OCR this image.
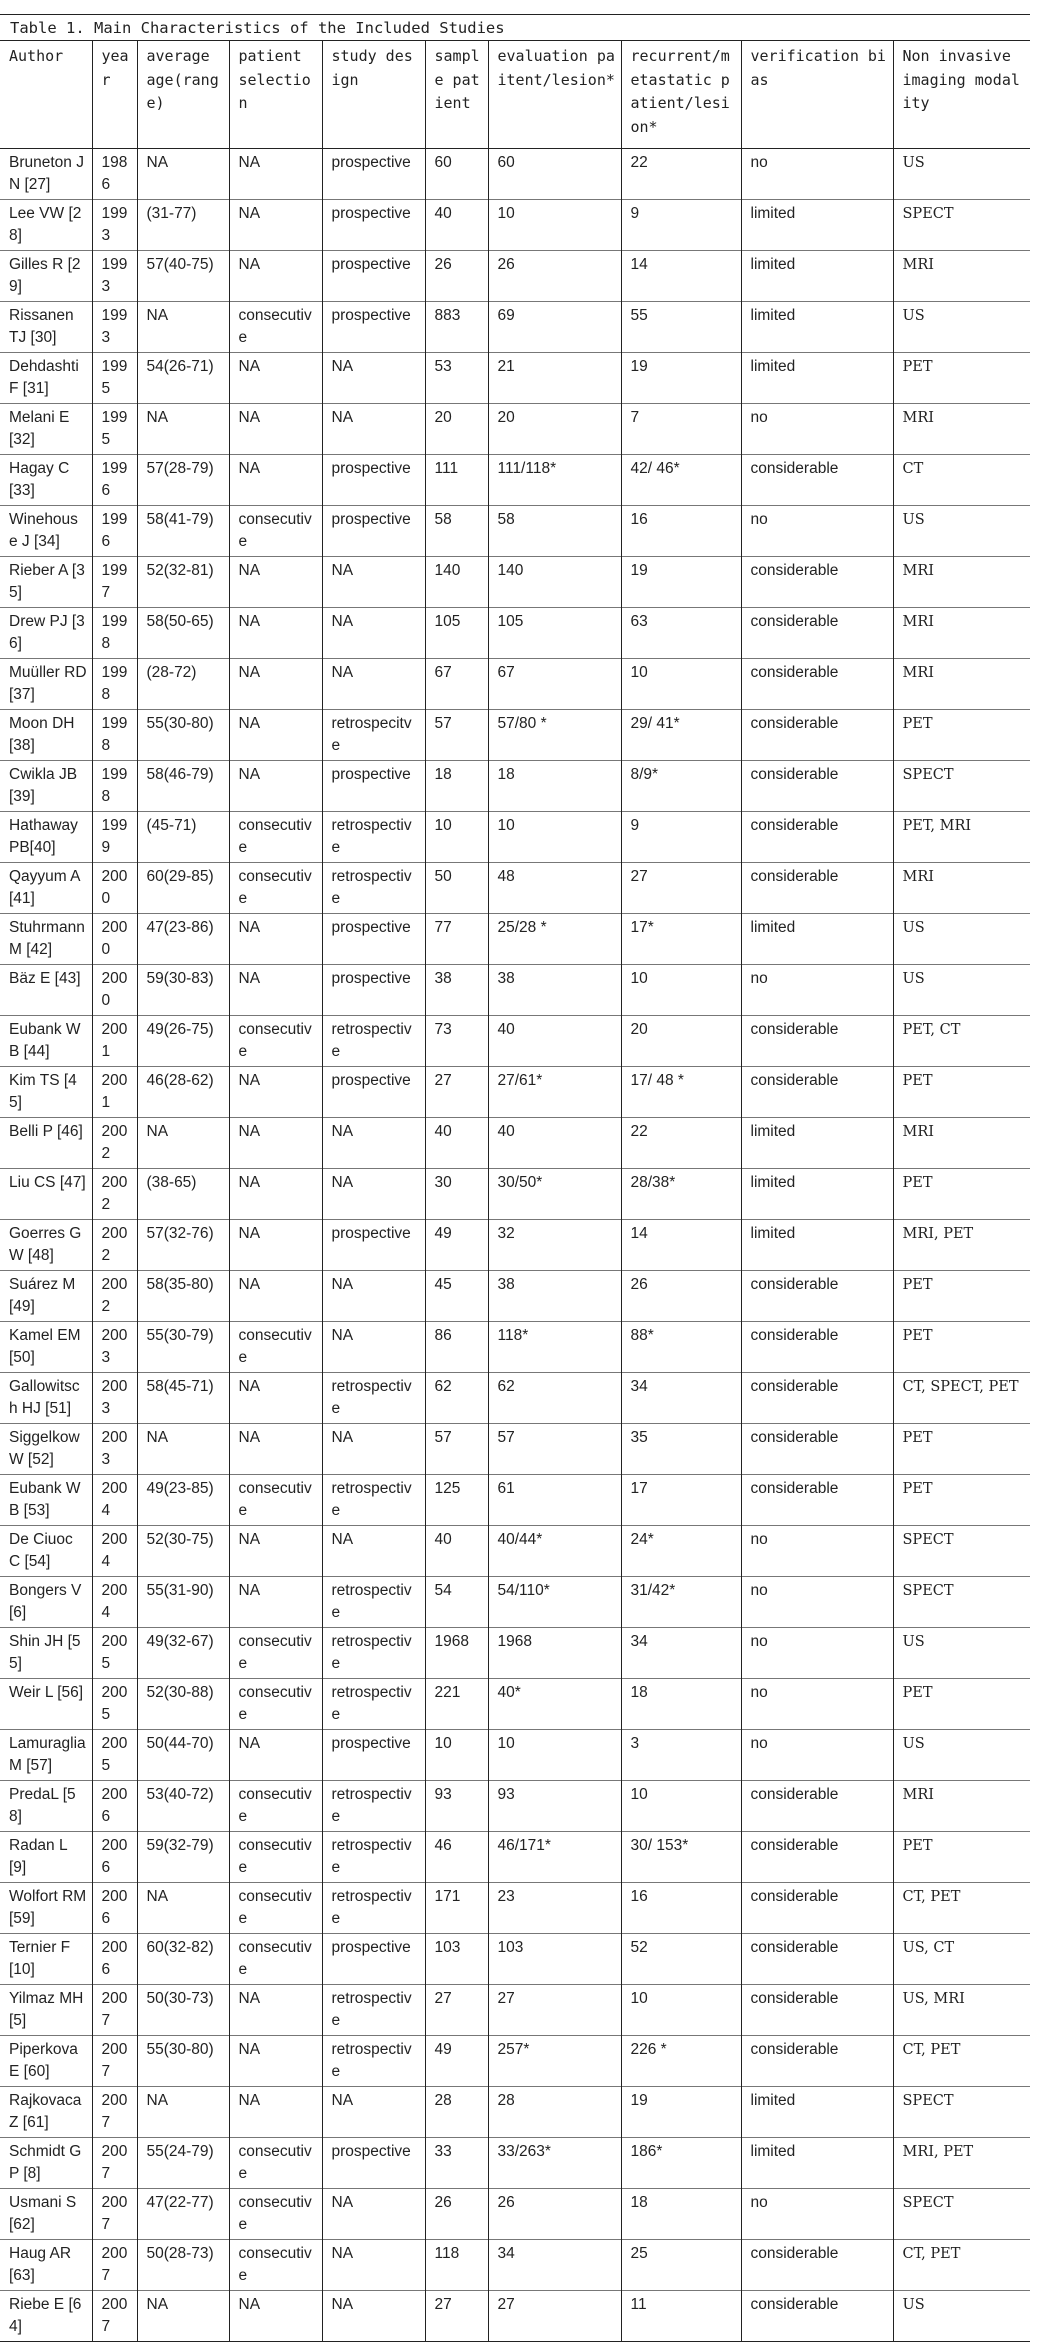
Table 1. Main Characteristics of the Included Studies
Author	year	average age(range)	patient selection	study design	sample patient	evaluation paitent/lesion*	recurrent/metastatic patient/lesion*	verification bias	Non invasive imaging modality
Bruneton JN [27]	1986	NA	NA	prospective	60	60	22	no	US
Lee VW [28]	1993	(31-77)	NA	prospective	40	10	9	limited	SPECT
Gilles R [29]	1993	57(40-75)	NA	prospective	26	26	14	limited	MRI
Rissanen TJ [30]	1993	NA	consecutive	prospective	883	69	55	limited	US
Dehdashti F [31]	1995	54(26-71)	NA	NA	53	21	19	limited	PET
Melani E [32]	1995	NA	NA	NA	20	20	7	no	MRI
Hagay C [33]	1996	57(28-79)	NA	prospective	111	111/118*	42/ 46*	considerable	CT
Winehouse J [34]	1996	58(41-79)	consecutive	prospective	58	58	16	no	US
Rieber A [35]	1997	52(32-81)	NA	NA	140	140	19	considerable	MRI
Drew PJ [36]	1998	58(50-65)	NA	NA	105	105	63	considerable	MRI
Muüller RD [37]	1998	(28-72)	NA	NA	67	67	10	considerable	MRI
Moon DH [38]	1998	55(30-80)	NA	retrospecitve	57	57/80 *	29/ 41*	considerable	PET
Cwikla JB [39]	1998	58(46-79)	NA	prospective	18	18	8/9*	considerable	SPECT
Hathaway PB[40]	1999	(45-71)	consecutive	retrospective	10	10	9	considerable	PET, MRI
Qayyum A [41]	2000	60(29-85)	consecutive	retrospective	50	48	27	considerable	MRI
Stuhrmann M [42]	2000	47(23-86)	NA	prospective	77	25/28 *	17*	limited	US
Bäz E [43]	2000	59(30-83)	NA	prospective	38	38	10	no	US
Eubank WB [44]	2001	49(26-75)	consecutive	retrospective	73	40	20	considerable	PET, CT
Kim TS [45]	2001	46(28-62)	NA	prospective	27	27/61*	17/ 48 *	considerable	PET
Belli P [46]	2002	NA	NA	NA	40	40	22	limited	MRI
Liu CS [47]	2002	(38-65)	NA	NA	30	30/50*	28/38*	limited	PET
Goerres GW [48]	2002	57(32-76)	NA	prospective	49	32	14	limited	MRI, PET
Suárez M [49]	2002	58(35-80)	NA	NA	45	38	26	considerable	PET
Kamel EM [50]	2003	55(30-79)	consecutive	NA	86	118*	88*	considerable	PET
Gallowitsch HJ [51]	2003	58(45-71)	NA	retrospective	62	62	34	considerable	CT, SPECT, PET
Siggelkow W [52]	2003	NA	NA	NA	57	57	35	considerable	PET
Eubank WB [53]	2004	49(23-85)	consecutive	retrospective	125	61	17	considerable	PET
De Ciuoc C [54]	2004	52(30-75)	NA	NA	40	40/44*	24*	no	SPECT
Bongers V [6]	2004	55(31-90)	NA	retrospective	54	54/110*	31/42*	no	SPECT
Shin JH [55]	2005	49(32-67)	consecutive	retrospective	1968	1968	34	no	US
Weir L [56]	2005	52(30-88)	consecutive	retrospective	221	40*	18	no	PET
Lamuraglia M [57]	2005	50(44-70)	NA	prospective	10	10	3	no	US
PredaL [58]	2006	53(40-72)	consecutive	retrospective	93	93	10	considerable	MRI
Radan L [9]	2006	59(32-79)	consecutive	retrospective	46	46/171*	30/ 153*	considerable	PET
Wolfort RM[59]	2006	NA	consecutive	retrospective	171	23	16	considerable	CT, PET
Ternier F [10]	2006	60(32-82)	consecutive	prospective	103	103	52	considerable	US, CT
Yilmaz MH [5]	2007	50(30-73)	NA	retrospective	27	27	10	considerable	US, MRI
Piperkova E [60]	2007	55(30-80)	NA	retrospective	49	257*	226 *	considerable	CT, PET
Rajkovaca Z [61]	2007	NA	NA	NA	28	28	19	limited	SPECT
Schmidt GP [8]	2007	55(24-79)	consecutive	prospective	33	33/263*	186*	limited	MRI, PET
Usmani S [62]	2007	47(22-77)	consecutive	NA	26	26	18	no	SPECT
Haug AR [63]	2007	50(28-73)	consecutive	NA	118	34	25	considerable	CT, PET
Riebe E [64]	2007	NA	NA	NA	27	27	11	considerable	US
